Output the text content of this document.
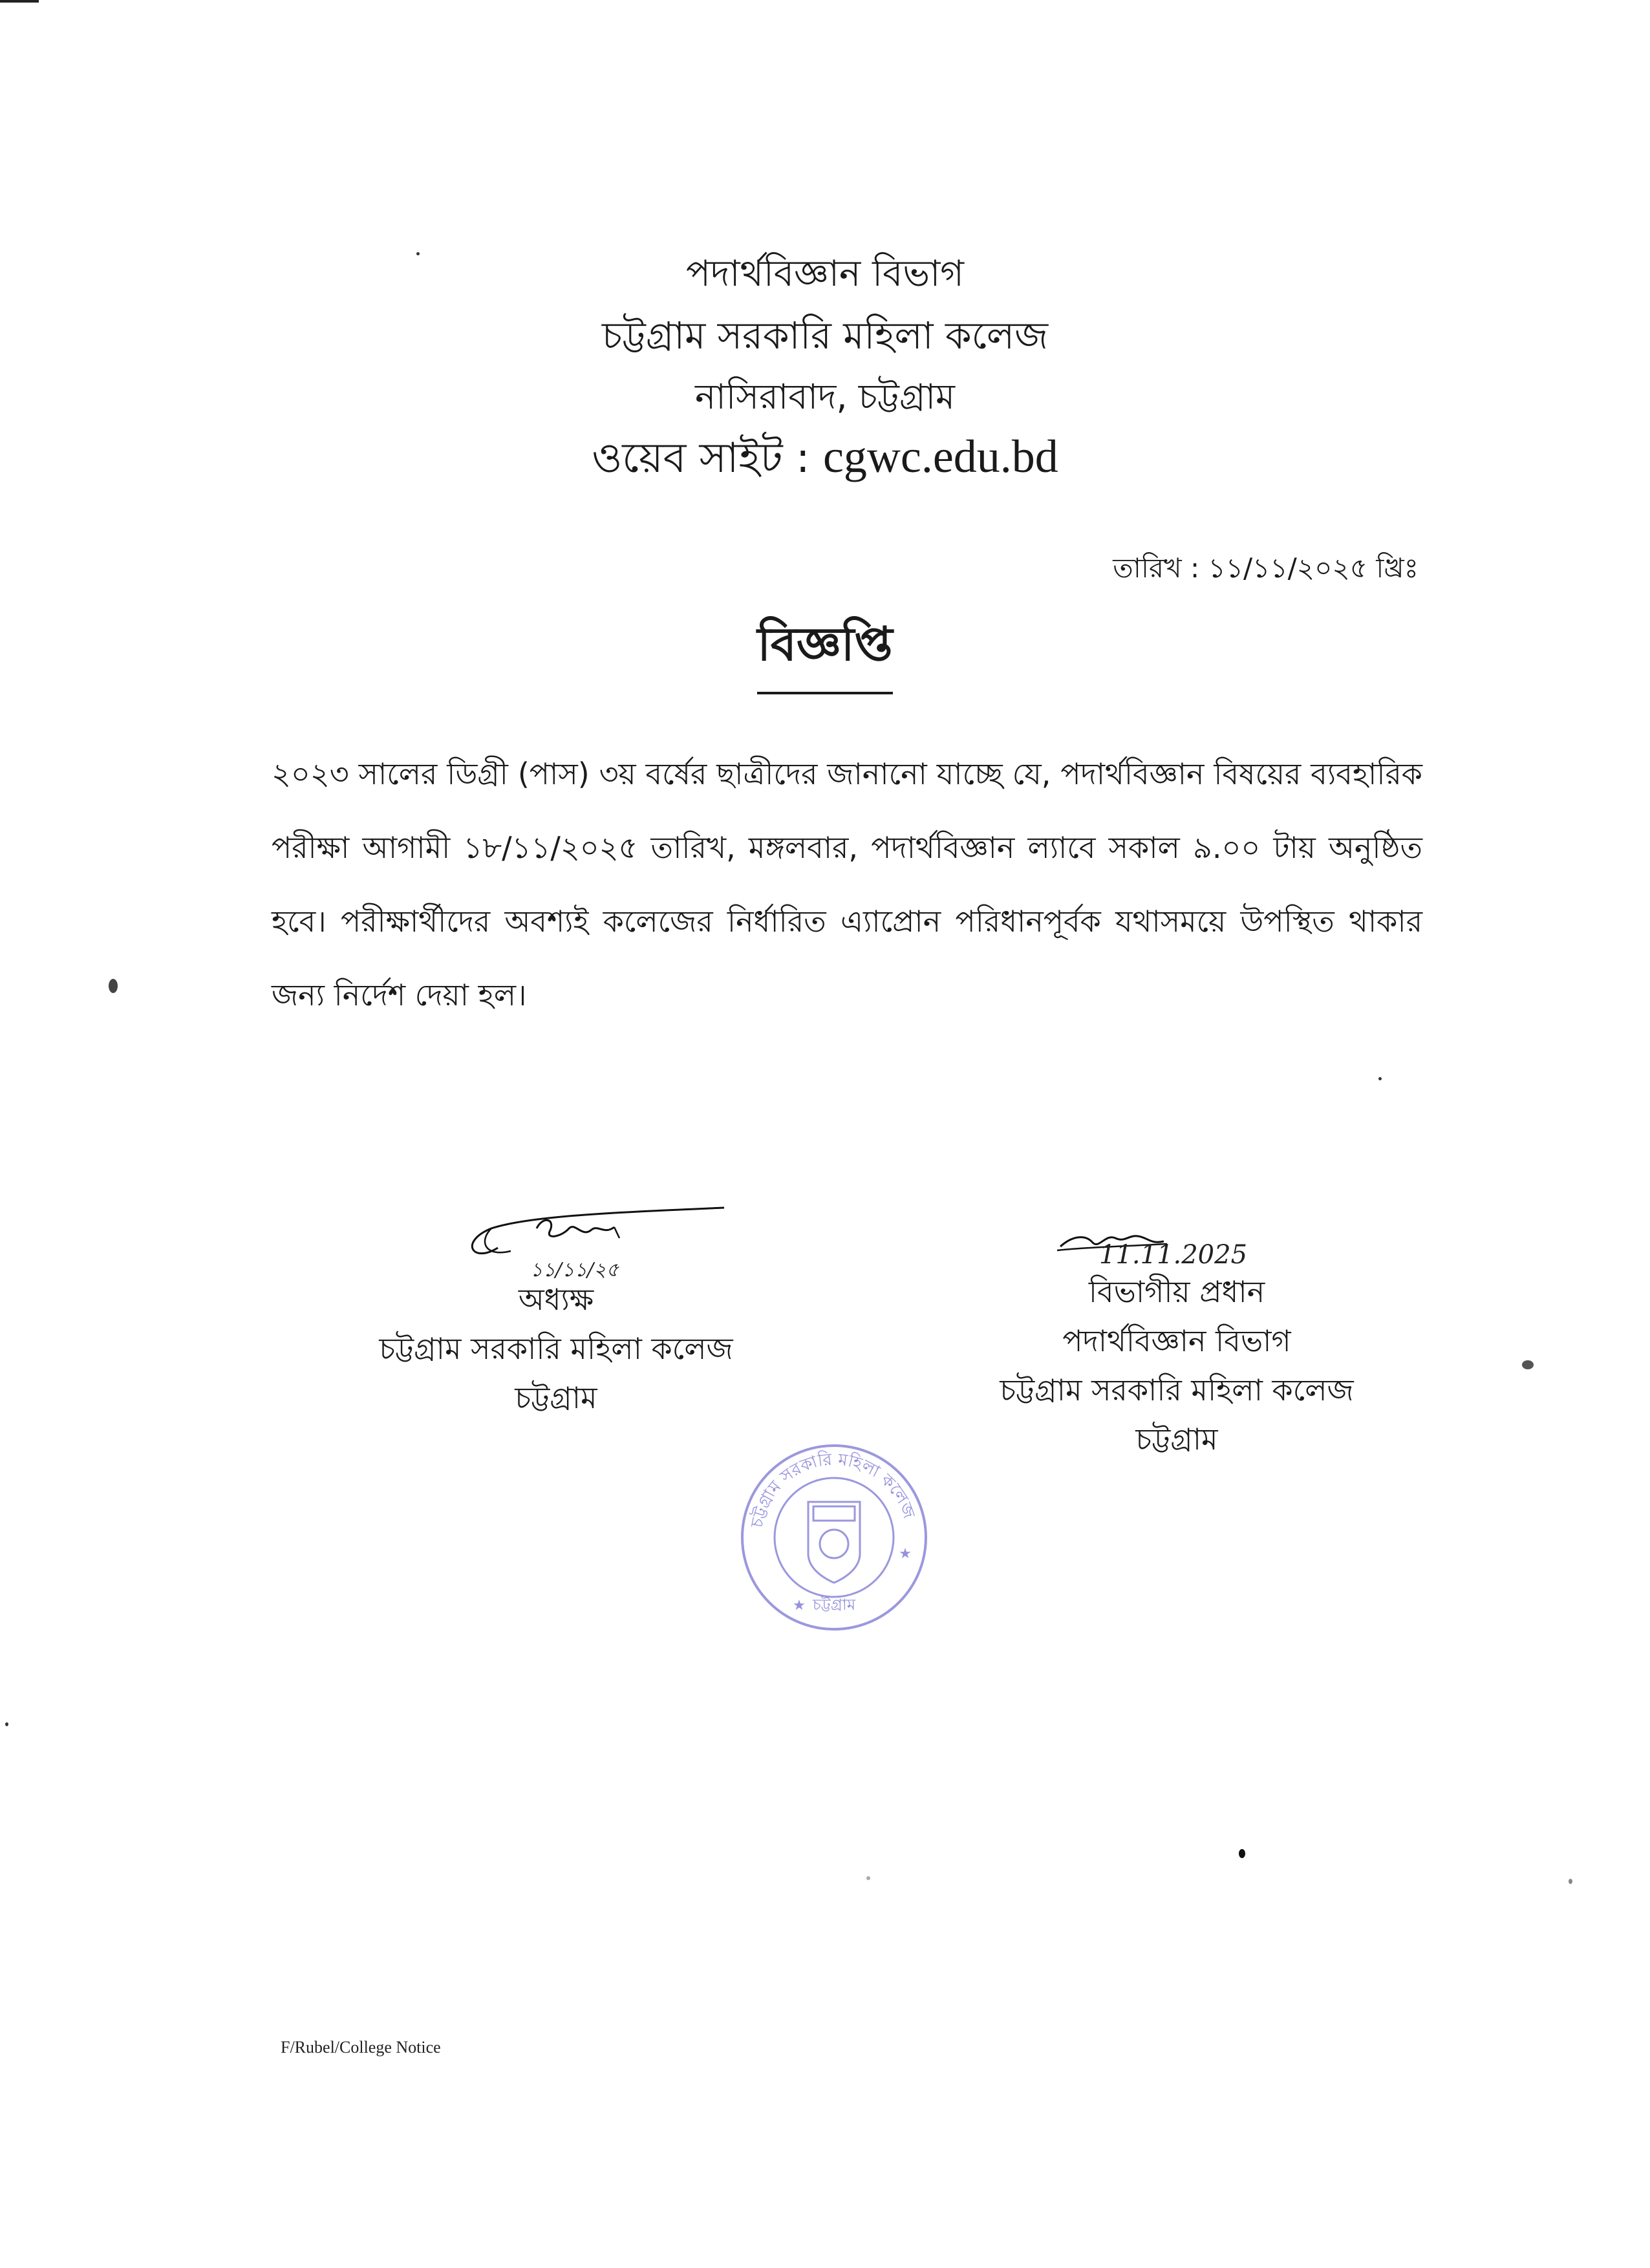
পদার্থবিজ্ঞান বিভাগ
চট্টগ্রাম সরকারি মহিলা কলেজ
নাসিরাবাদ, চট্টগ্রাম
ওয়েব সাইট : cgwc.edu.bd
তারিখ : ১১/১১/২০২৫ খ্রিঃ
বিজ্ঞপ্তি
২০২৩ সালের ডিগ্রী (পাস) ৩য় বর্ষের ছাত্রীদের জানানো যাচ্ছে যে, পদার্থবিজ্ঞান বিষয়ের ব্যবহারিক পরীক্ষা আগামী ১৮/১১/২০২৫ তারিখ, মঙ্গলবার, পদার্থবিজ্ঞান ল্যাবে সকাল ৯.০০ টায় অনুষ্ঠিত হবে। পরীক্ষার্থীদের অবশ্যই কলেজের নির্ধারিত এ্যাপ্রোন পরিধানপূর্বক যথাসময়ে উপস্থিত থাকার জন্য নির্দেশ দেয়া হল।
১১/১১/২৫
অধ্যক্ষ
চট্টগ্রাম সরকারি মহিলা কলেজ
চট্টগ্রাম
11.11.2025
বিভাগীয় প্রধান
পদার্থবিজ্ঞান বিভাগ
চট্টগ্রাম সরকারি মহিলা কলেজ
চট্টগ্রাম
চট্টগ্রাম সরকারি মহিলা কলেজ
চট্টগ্রাম
★
★
F/Rubel/College Notice
